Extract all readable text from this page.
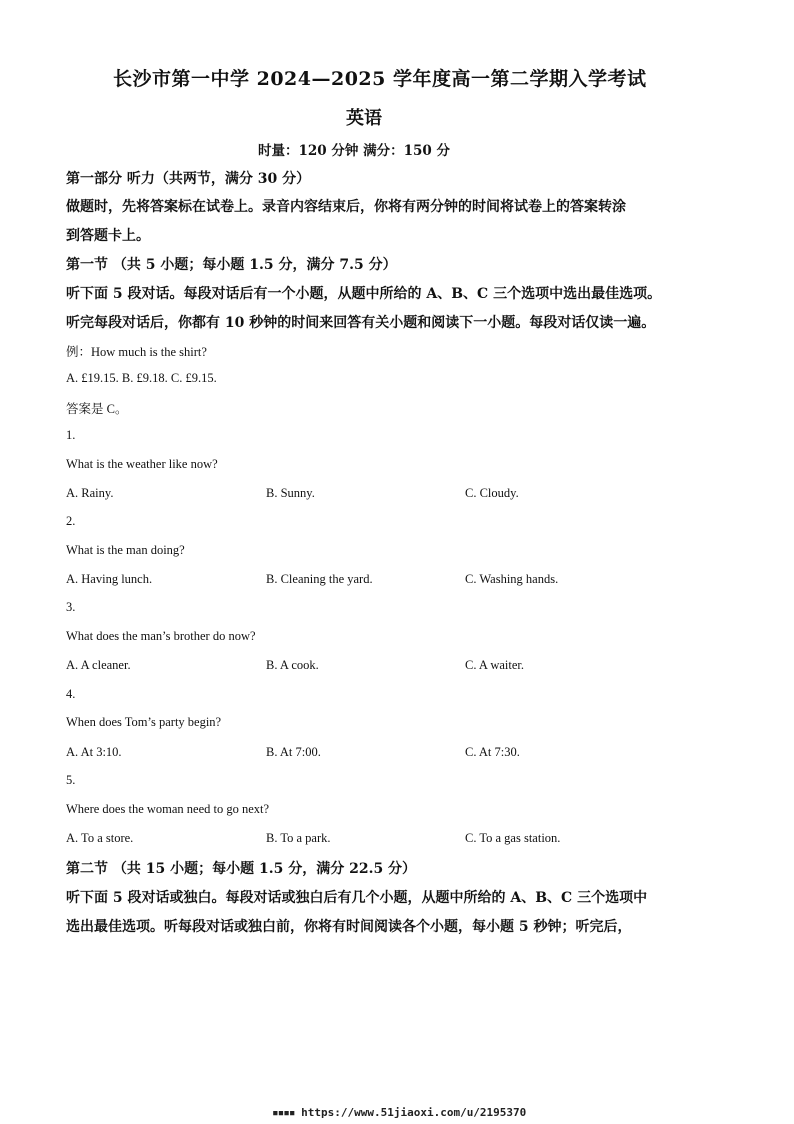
长沙市第一中学 2024—2025 学年度高一第二学期入学考试
英语
时量：120 分钟 满分：150 分
第一部分 听力（共两节，满分 30 分）
做题时，先将答案标在试卷上。录音内容结束后，你将有两分钟的时间将试卷上的答案转涂
到答题卡上。
第一节 （共 5 小题；每小题 1.5 分，满分 7.5 分）
听下面 5 段对话。每段对话后有一个小题，从题中所给的 A、B、C 三个选项中选出最佳选项。
听完每段对话后，你都有 10 秒钟的时间来回答有关小题和阅读下一小题。每段对话仅读一遍。
例：How much is the shirt?
A. £19.15. B. £9.18. C. £9.15.
答案是 C。
1.
What is the weather like now?
A. Rainy.	B. Sunny.	C. Cloudy.
2.
What is the man doing?
A. Having lunch.	B. Cleaning the yard.	C. Washing hands.
3.
What does the man’s brother do now?
A. A cleaner.	B. A cook.	C. A waiter.
4.
When does Tom’s party begin?
A. At 3:10.	B. At 7:00.	C. At 7:30.
5.
Where does the woman need to go next?
A. To a store.	B. To a park.	C. To a gas station.
第二节 （共 15 小题；每小题 1.5 分，满分 22.5 分）
听下面 5 段对话或独白。每段对话或独白后有几个小题，从题中所给的 A、B、C 三个选项中
选出最佳选项。听每段对话或独白前，你将有时间阅读各个小题，每小题 5 秒钟；听完后，
▪▪▪▪ https://www.51jiaoxi.com/u/2195370
